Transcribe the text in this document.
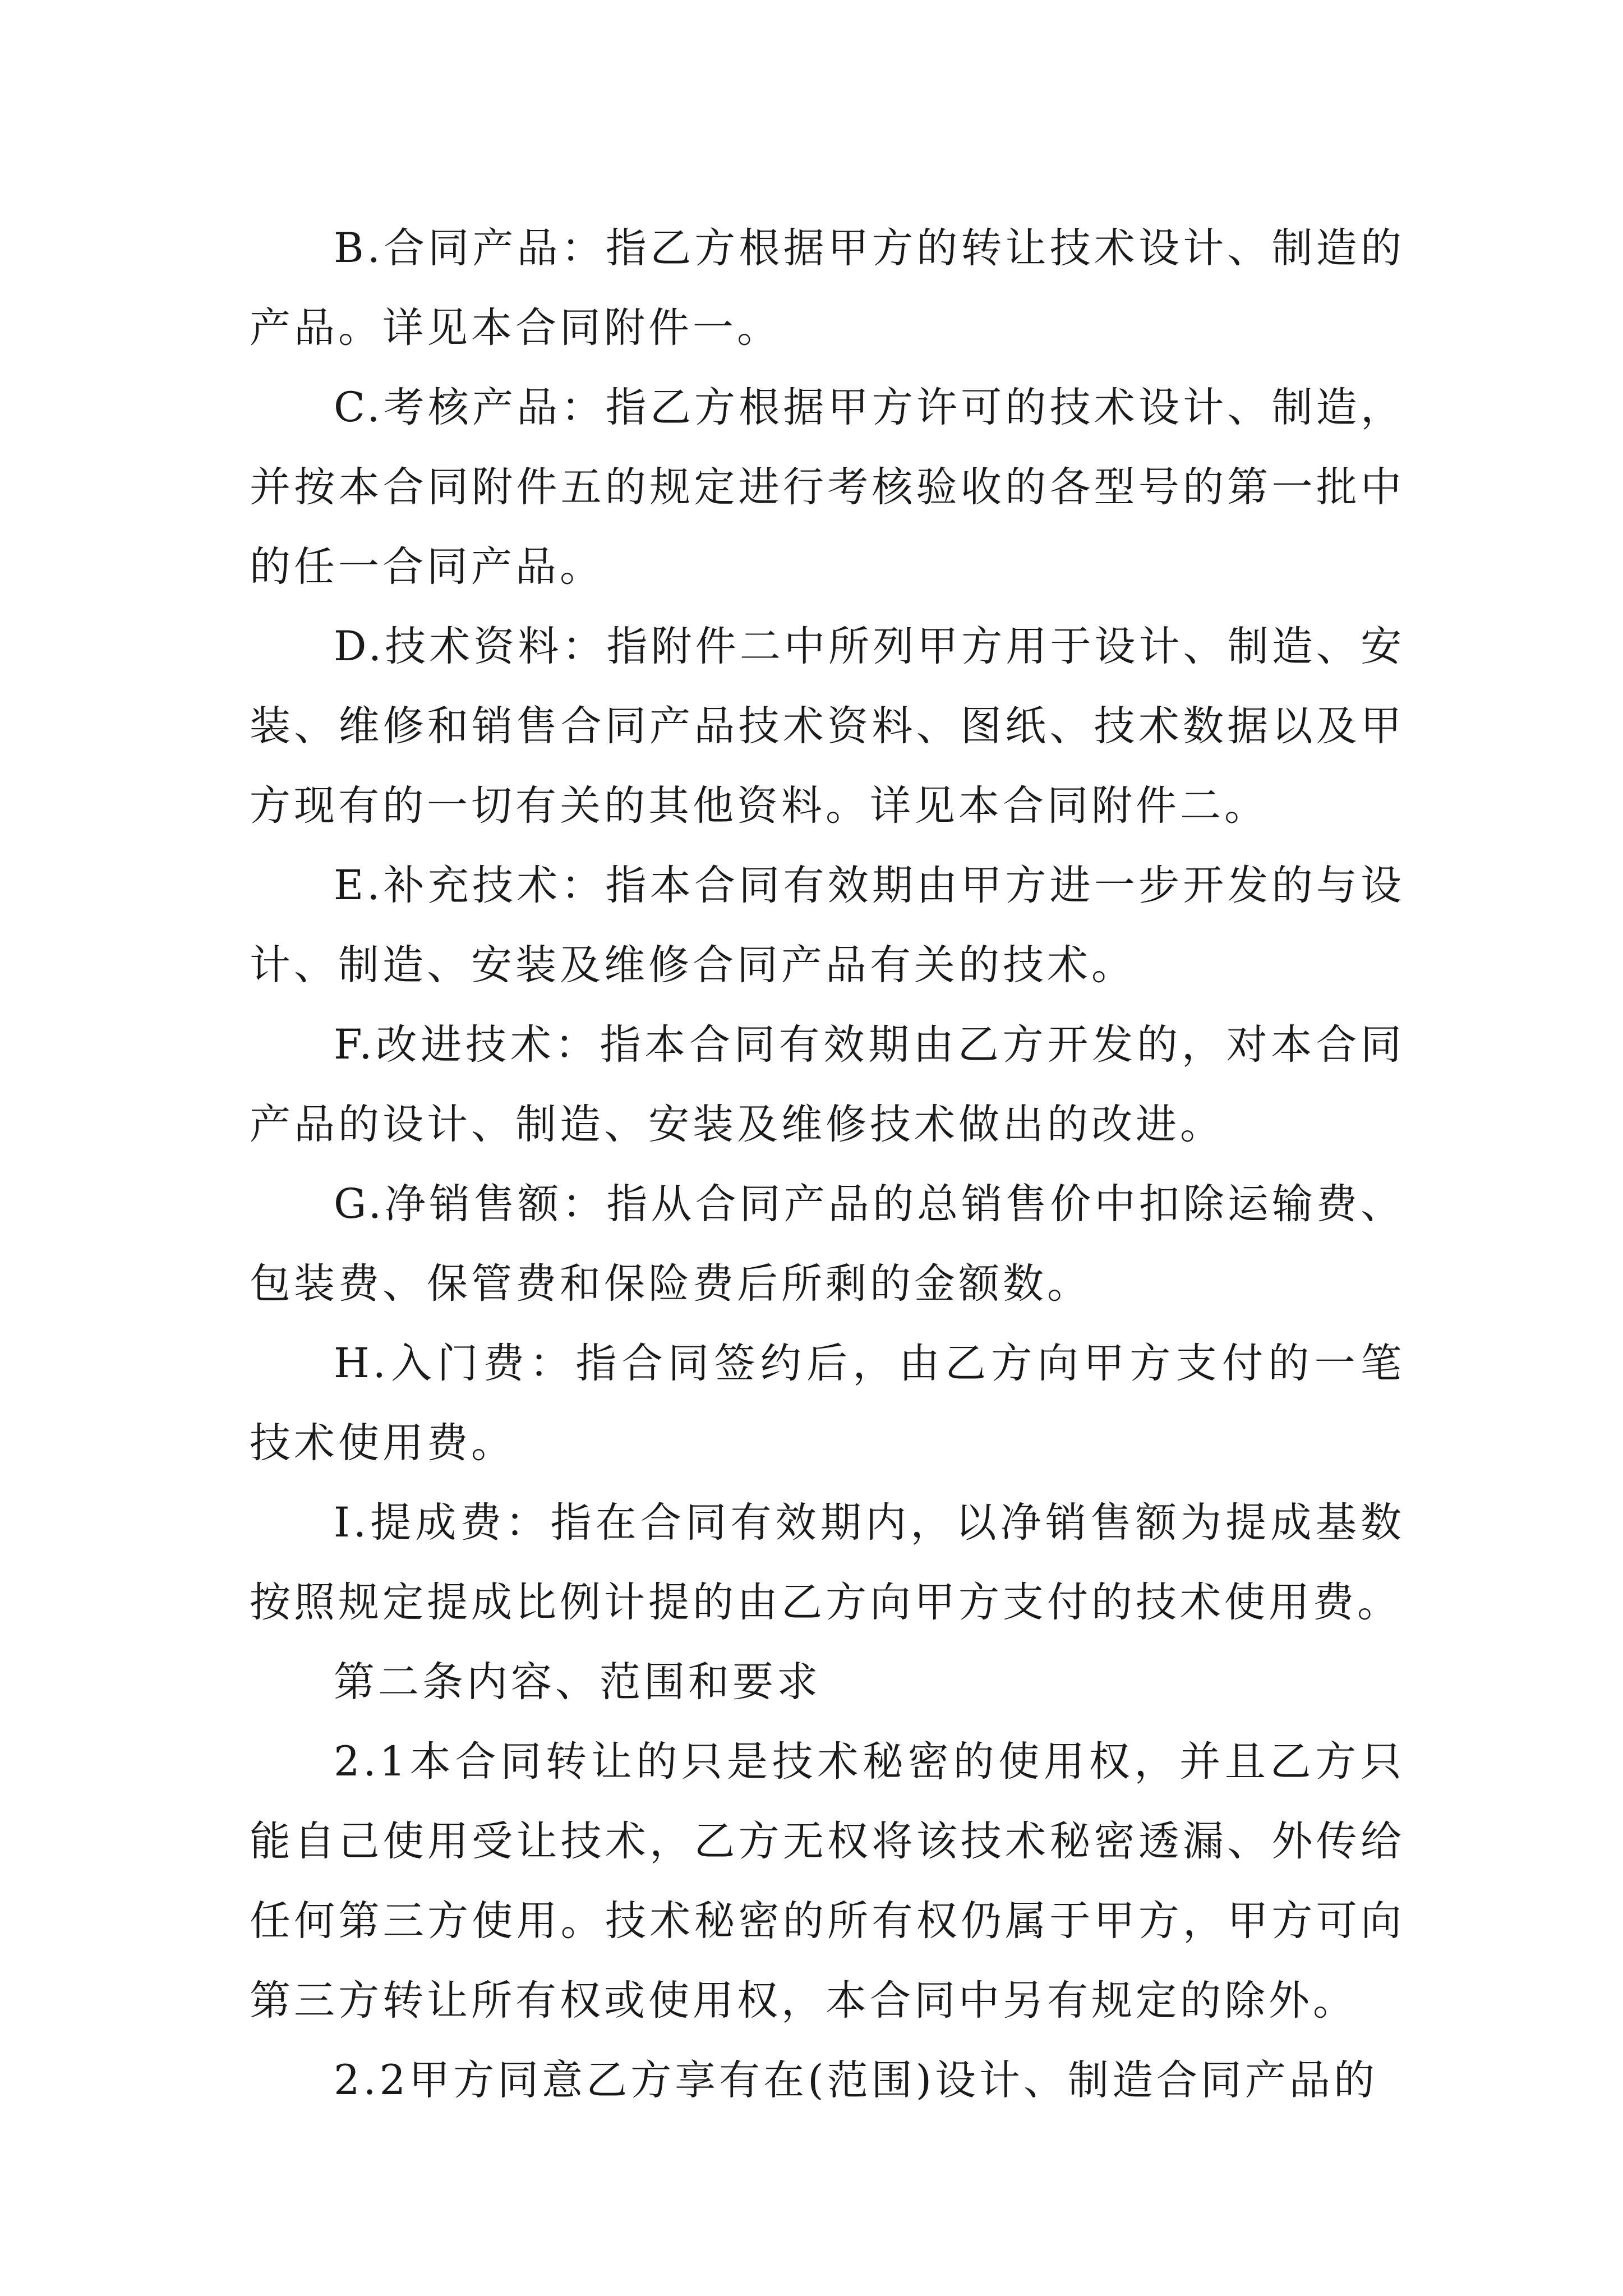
B.合同产品：指乙方根据甲方的转让技术设计、制造的产品。详见本合同附件一。

C.考核产品：指乙方根据甲方许可的技术设计、制造，并按本合同附件五的规定进行考核验收的各型号的第一批中的任一合同产品。

D.技术资料：指附件二中所列甲方用于设计、制造、安装、维修和销售合同产品技术资料、图纸、技术数据以及甲方现有的一切有关的其他资料。详见本合同附件二。

E.补充技术：指本合同有效期由甲方进一步开发的与设计、制造、安装及维修合同产品有关的技术。

F.改进技术：指本合同有效期由乙方开发的，对本合同产品的设计、制造、安装及维修技术做出的改进。

G.净销售额：指从合同产品的总销售价中扣除运输费、包装费、保管费和保险费后所剩的金额数。

H.入门费：指合同签约后，由乙方向甲方支付的一笔技术使用费。

I.提成费：指在合同有效期内，以净销售额为提成基数按照规定提成比例计提的由乙方向甲方支付的技术使用费。

第二条内容、范围和要求

2.1本合同转让的只是技术秘密的使用权，并且乙方只能自己使用受让技术，乙方无权将该技术秘密透漏、外传给任何第三方使用。技术秘密的所有权仍属于甲方，甲方可向第三方转让所有权或使用权，本合同中另有规定的除外。

2.2甲方同意乙方享有在(范围)设计、制造合同产品的
